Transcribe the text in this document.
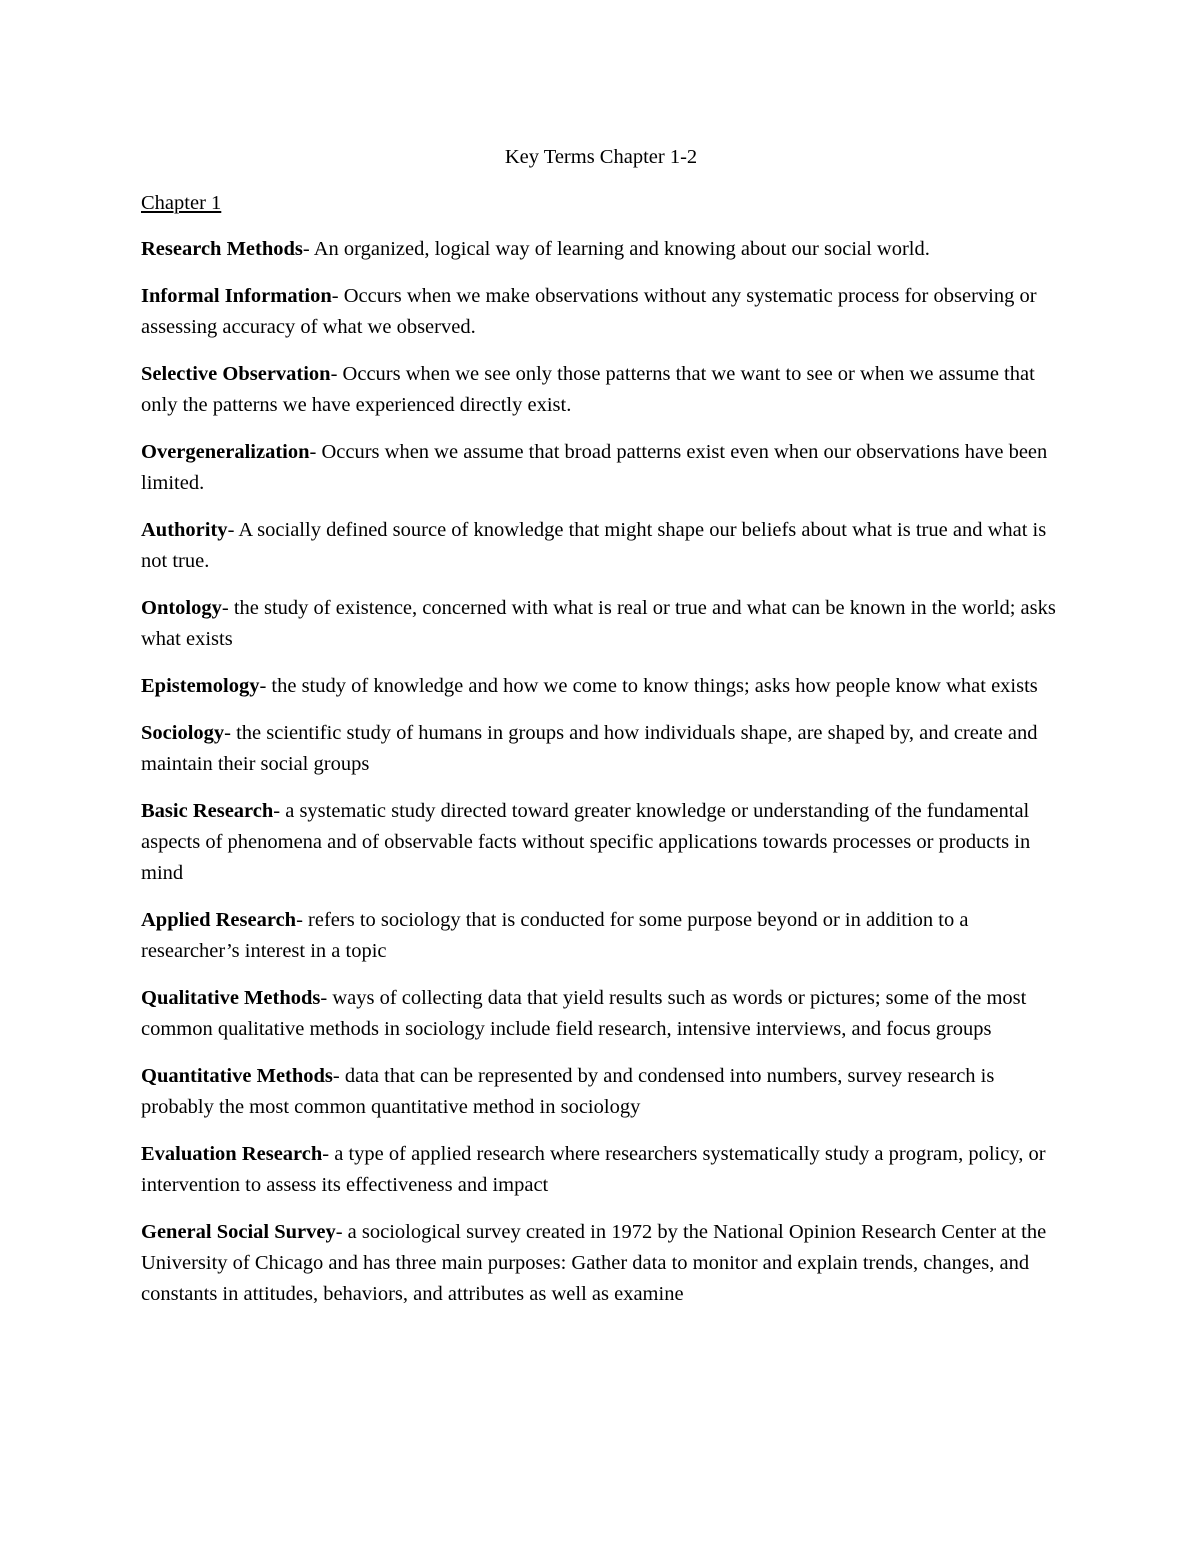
Key Terms Chapter 1-2

Chapter 1

Research Methods- An organized, logical way of learning and knowing about our social world.

Informal Information- Occurs when we make observations without any systematic process for observing or assessing accuracy of what we observed.

Selective Observation- Occurs when we see only those patterns that we want to see or when we assume that only the patterns we have experienced directly exist.

Overgeneralization- Occurs when we assume that broad patterns exist even when our observations have been limited.

Authority- A socially defined source of knowledge that might shape our beliefs about what is true and what is not true.

Ontology- the study of existence, concerned with what is real or true and what can be known in the world; asks what exists

Epistemology- the study of knowledge and how we come to know things; asks how people know what exists

Sociology- the scientific study of humans in groups and how individuals shape, are shaped by, and create and maintain their social groups

Basic Research- a systematic study directed toward greater knowledge or understanding of the fundamental aspects of phenomena and of observable facts without specific applications towards processes or products in mind

Applied Research- refers to sociology that is conducted for some purpose beyond or in addition to a researcher’s interest in a topic

Qualitative Methods- ways of collecting data that yield results such as words or pictures; some of the most common qualitative methods in sociology include field research, intensive interviews, and focus groups

Quantitative Methods- data that can be represented by and condensed into numbers, survey research is probably the most common quantitative method in sociology

Evaluation Research- a type of applied research where researchers systematically study a program, policy, or intervention to assess its effectiveness and impact

General Social Survey- a sociological survey created in 1972 by the National Opinion Research Center at the University of Chicago and has three main purposes: Gather data to monitor and explain trends, changes, and constants in attitudes, behaviors, and attributes as well as examine
